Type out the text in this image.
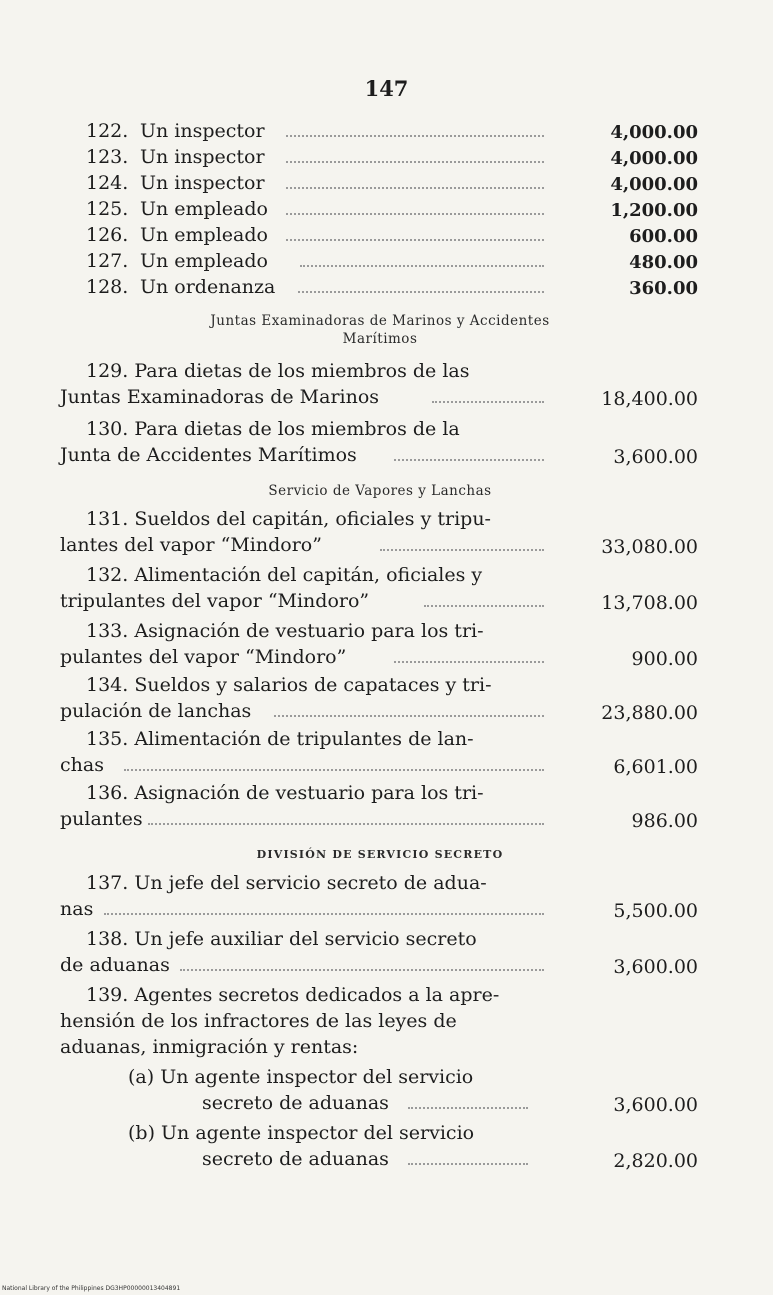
147
122. Un inspector	4,000.00
123. Un inspector	4,000.00
124. Un inspector	4,000.00
125. Un empleado	1,200.00
126. Un empleado	600.00
127. Un empleado	480.00
128. Un ordenanza	360.00
Juntas Examinadoras de Marinos y Accidentes
Marítimos
129. Para dietas de los miembros de las
Juntas Examinadoras de Marinos	18,400.00
130. Para dietas de los miembros de la
Junta de Accidentes Marítimos	3,600.00
Servicio de Vapores y Lanchas
131. Sueldos del capitán, oficiales y tripu-
lantes del vapor “Mindoro”	33,080.00
132. Alimentación del capitán, oficiales y
tripulantes del vapor “Mindoro”	13,708.00
133. Asignación de vestuario para los tri-
pulantes del vapor “Mindoro”	900.00
134. Sueldos y salarios de capataces y tri-
pulación de lanchas	23,880.00
135. Alimentación de tripulantes de lan-
chas	6,601.00
136. Asignación de vestuario para los tri-
pulantes	986.00
DIVISIÓN DE SERVICIO SECRETO
137. Un jefe del servicio secreto de adua-
nas	5,500.00
138. Un jefe auxiliar del servicio secreto
de aduanas	3,600.00
139. Agentes secretos dedicados a la apre-
hensión de los infractores de las leyes de
aduanas, inmigración y rentas:
(a) Un agente inspector del servicio
secreto de aduanas	3,600.00
(b) Un agente inspector del servicio
secreto de aduanas	2,820.00
National Library of the Philippines DG3HP00000013404891
